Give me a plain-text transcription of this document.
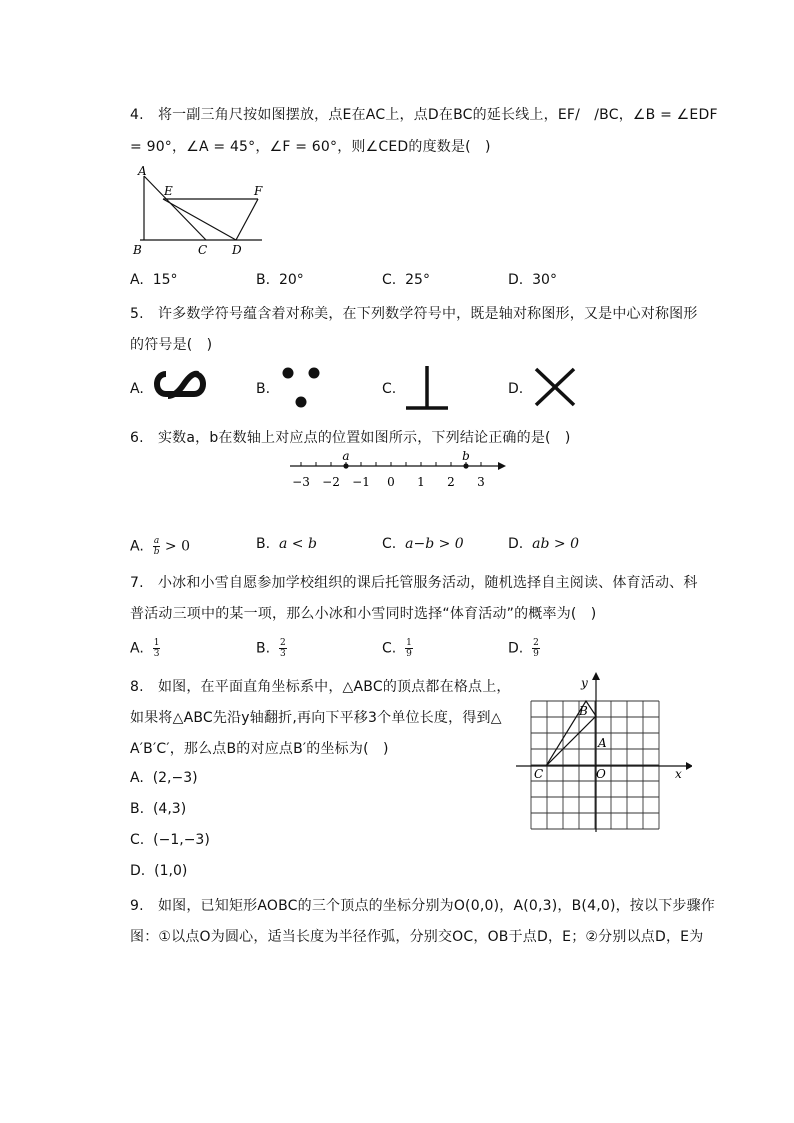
4.　将一副三角尺按如图摆放，点E在AC上，点D在BC的延长线上，EF/　/BC，∠B = ∠EDF
= 90°，∠A = 45°，∠F = 60°，则∠CED的度数是(　)
A
E	F
B	C D
A. 15°	B. 20°	C. 25°	D. 30°
5.　许多数学符号蕴含着对称美，在下列数学符号中，既是轴对称图形，又是中心对称图形
的符号是(　)
A.	B.	C.	D.
6.　实数a，b在数轴上对应点的位置如图所示，下列结论正确的是(　)
−3 −2 −1 0 1 2 3
a	b
A. $\frac{a}{b} > 0$	B. a < b	C. a−b > 0	D. ab > 0
7.　小冰和小雪自愿参加学校组织的课后托管服务活动，随机选择自主阅读、体育活动、科
普活动三项中的某一项，那么小冰和小雪同时选择“体育活动”的概率为(　)
A. $\frac{1}{3}$	B. $\frac{2}{3}$	C. $\frac{1}{9}$	D. $\frac{2}{9}$
8.　如图，在平面直角坐标系中，△ABC的顶点都在格点上，
如果将△ABC先沿y轴翻折,再向下平移3个单位长度，得到△
A′B′C′，那么点B的对应点B′的坐标为(　)
A. (2,−3)
B. (4,3)
C. (−1,−3)
D. (1,0)
y
x
B
A
C	O
9.　如图，已知矩形AOBC的三个顶点的坐标分别为O(0,0)，A(0,3)，B(4,0)，按以下步骤作
图：①以点O为圆心，适当长度为半径作弧，分别交OC，OB于点D，E；②分别以点D，E为
